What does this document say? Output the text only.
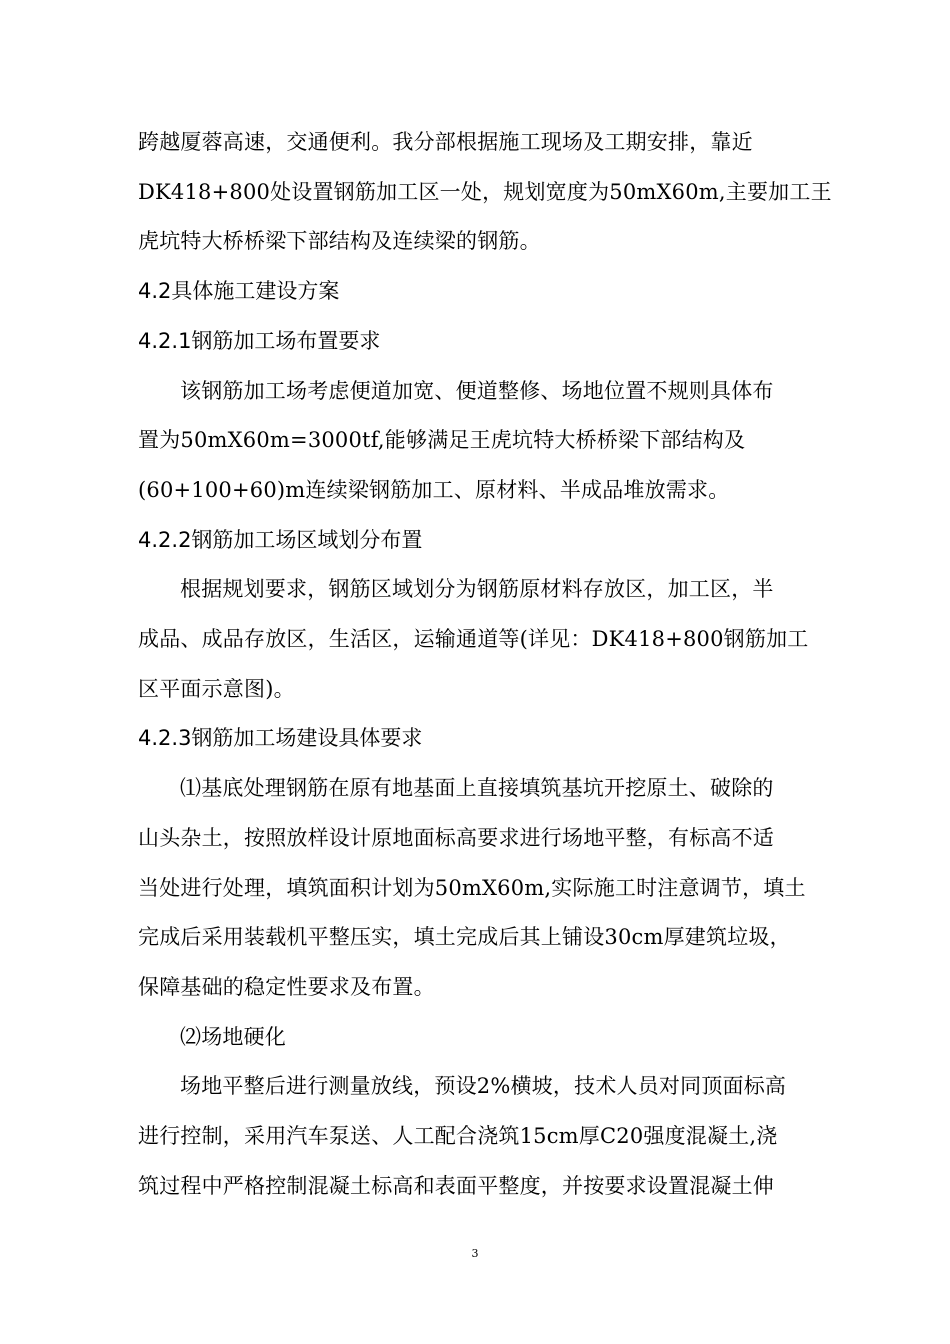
跨越厦蓉高速，交通便利。我分部根据施工现场及工期安排，靠近
DK418+800处设置钢筋加工区一处，规划宽度为50mX60m,主要加工王
虎坑特大桥桥梁下部结构及连续梁的钢筋。
4.2具体施工建设方案
4.2.1钢筋加工场布置要求
该钢筋加工场考虑便道加宽、便道整修、场地位置不规则具体布
置为50mX60m=3000tf,能够满足王虎坑特大桥桥梁下部结构及
(60+100+60)m连续梁钢筋加工、原材料、半成品堆放需求。
4.2.2钢筋加工场区域划分布置
根据规划要求，钢筋区域划分为钢筋原材料存放区，加工区，半
成品、成品存放区，生活区，运输通道等(详见：DK418+800钢筋加工
区平面示意图)。
4.2.3钢筋加工场建设具体要求
⑴基底处理钢筋在原有地基面上直接填筑基坑开挖原土、破除的
山头杂土，按照放样设计原地面标高要求进行场地平整，有标高不适
当处进行处理，填筑面积计划为50mX60m,实际施工时注意调节，填土
完成后采用装载机平整压实，填土完成后其上铺设30cm厚建筑垃圾，
保障基础的稳定性要求及布置。
⑵场地硬化
场地平整后进行测量放线，预设2%横坡，技术人员对同顶面标高
进行控制，采用汽车泵送、人工配合浇筑15cm厚C20强度混凝土,浇
筑过程中严格控制混凝土标高和表面平整度，并按要求设置混凝土伸
3
